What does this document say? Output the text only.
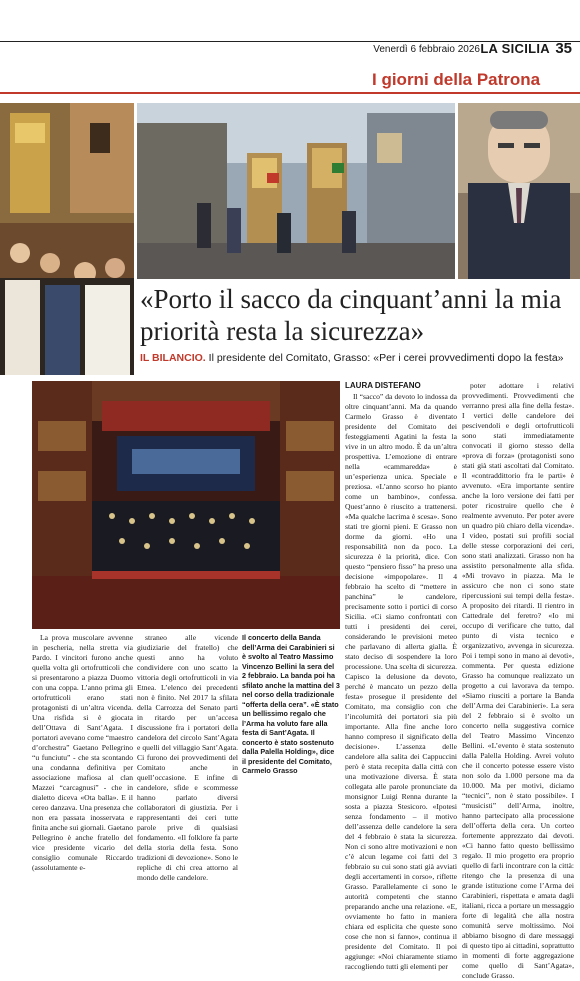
Venerdì 6 febbraio 2026 LA SICILIA 35
I giorni della Patrona
«Porto il sacco da cinquant’anni la mia priorità resta la sicurezza»

IL BILANCIO. Il presidente del Comitato, Grasso: «Per i cerei provvedimenti dopo la festa»

LAURA DISTEFANO

La prova muscolare avvenne in pescheria, nella stretta via Pardo. I vincitori furono anche quella volta gli ortofrutticoli che si presentarono a piazza Duomo con una coppa. L’anno prima gli ortofrutticoli erano stati protagonisti di un’altra vicenda. Una risfida si è giocata dell’Ottava di Sant’Agata. I portatori avevano come “maestro d’orchestra” Gaetano Pellegrino “u funciutu” - che sta scontando una condanna definitiva per associazione mafiosa al clan Mazzei “carcagnusi” - che in dialetto diceva «Ota balla». E il cereo danzava. Una presenza che non era passata inosservata e finita anche sui giornali. Gaetano Pellegrino è anche fratello del vice presidente vicario del consiglio comunale Riccardo (assolutamente e-

straneo alle vicende giudiziarie del fratello) che questi anno ha voluto condividere con uno scatto la vittoria degli ortofrutticoli in via Etnea. L’elenco dei precedenti non è finito. Nel 2017 la sfilata della Carrozza del Senato partì in ritardo per un’accesa discussione fra i portatori della candelora del circolo Sant’Agata e quelli del villaggio Sant’Agata. Ci furono dei provvedimenti del Comitato anche in quell’occasione. E infine di candelore, sfide e scommesse hanno parlato diversi collaboratori di giustizia. Per i rappresentanti dei ceri tutte parole prive di qualsiasi fondamento. «Il folklore fa parte della storia della festa. Sono tradizioni di devozione». Sono le repliche di chi crea attorno al mondo delle candelore.

Il concerto della Banda dell’Arma dei Carabinieri si è svolto al Teatro Massimo Vincenzo Bellini la sera del 2 febbraio. La banda poi ha sfilato anche la mattina del 3 nel corso della tradizionale “offerta della cera”. «È stato un bellissimo regalo che l’Arma ha voluto fare alla festa di Sant’Agata. Il concerto è stato sostenuto dalla Palella Holding», dice il presidente del Comitato, Carmelo Grasso

Il “sacco” da devoto lo indossa da oltre cinquant’anni. Ma da quando Carmelo Grasso è diventato presidente del Comitato dei festeggiamenti Agatini la festa la vive in un altro modo. È da un’altra prospettiva. L’emozione di entrare nella «cammaredda» è un’esperienza unica. Speciale e preziosa. «L’anno scorso ho pianto come un bambino», confessa. Quest’anno è riuscito a trattenersi. «Ma qualche lacrima è scesa». Sono stati tre giorni pieni. E Grasso non dorme da giorni. «Ho una responsabilità non da poco. La sicurezza è la priorità, dice. Con questo “pensiero fisso” ha preso una decisione «impopolare». Il 4 febbraio ha scelto di “mettere in panchina” le candelore, precisamente sotto i portici di corso Sicilia. «Ci siamo confrontati con tutti i presidenti dei cerei, considerando le previsioni meteo che parlavano di allerta gialla. È stato deciso di sospendere la loro processione. Una scelta di sicurezza. Capisco la delusione da devoto, perché è mancato un pezzo della festa» prosegue il presidente del Comitato, ma consiglio con che l’incolumità dei portatori sia più importante. Alla fine anche loro hanno compreso il significato della decisione». L’assenza delle candelore alla salita dei Cappuccini però è stata recepita dalla città con una motivazione diversa. È stata collegata alle parole pronunciate da monsignor Luigi Renna durante la sosta a piazza Stesicoro. «Ipotesi senza fondamento – il motivo dell’assenza delle candelore la sera del 4 febbraio è stata la sicurezza. Non ci sono altre motivazioni e non c’è alcun legame coi fatti del 3 febbraio su cui sono stati già avviati degli accertamenti in corso», riflette Grasso. Parallelamente ci sono le autorità competenti che stanno preparando anche una relazione. «E, ovviamente ho fatto in maniera chiara ed esplicita che queste sono cose che non si fanno», continua il presidente del Comitato. Il poi aggiunge: «Noi chiaramente stiamo raccogliendo tutti gli elementi per

poter adottare i relativi provvedimenti. Provvedimenti che verranno presi alla fine della festa». I vertici delle candelore dei pescivendoli e degli ortofrutticoli sono stati immediatamente convocati il giorno stesso della «prova di forza» (protagonisti sono stati già stati ascoltati dal Comitato. Il «contraddittorio fra le parti» è avvenuto. «Era importante sentire anche la loro versione dei fatti per poter ricostruire quello che è realmente avvenuto. Per poter avere un quadro più chiaro della vicenda». I video, postati sui profili social delle stesse corporazioni dei ceri, sono stati analizzati. Grasso non ha assistito personalmente alla sfida. «Mi trovavo in piazza. Ma le assicuro che non ci sono state ripercussioni sui tempi della festa». A proposito dei ritardi. Il rientro in Cattedrale del feretro? «Io mi occupo di verificare che tutto, dal punto di vista tecnico e organizzativo, avvenga in sicurezza. Poi i tempi sono in mano ai devoti», commenta. Per questa edizione Grasso ha comunque realizzato un progetto a cui lavorava da tempo. «Siamo riusciti a portare la Banda dell’Arma dei Carabinieri». La sera del 2 febbraio si è svolto un concerto nella suggestiva cornice del Teatro Massimo Vincenzo Bellini. «L’evento è stata sostenuto dalla Palella Holding. Avrei voluto che il concerto potesse essere visto non solo da 1.000 persone ma da 10.000. Ma per motivi, diciamo “tecnici”, non è stato possibile». I “musicisti” dell’Arma, inoltre, hanno partecipato alla processione dell’offerta della cera. Un corteo fortemente apprezzato dai devoti. «Ci hanno fatto questo bellissimo regalo. Il mio progetto era proprio quello di farli incontrare con la città: ritengo che la presenza di una grande istituzione come l’Arma dei Carabinieri, rispettata e amata dagli italiani, ricca a portare un messaggio forte di legalità che alla nostra comunità serve moltissimo. Noi abbiamo bisogno di dare messaggi di questo tipo ai cittadini, soprattutto in momenti di forte aggregazione come quello di Sant’Agata», conclude Grasso.
